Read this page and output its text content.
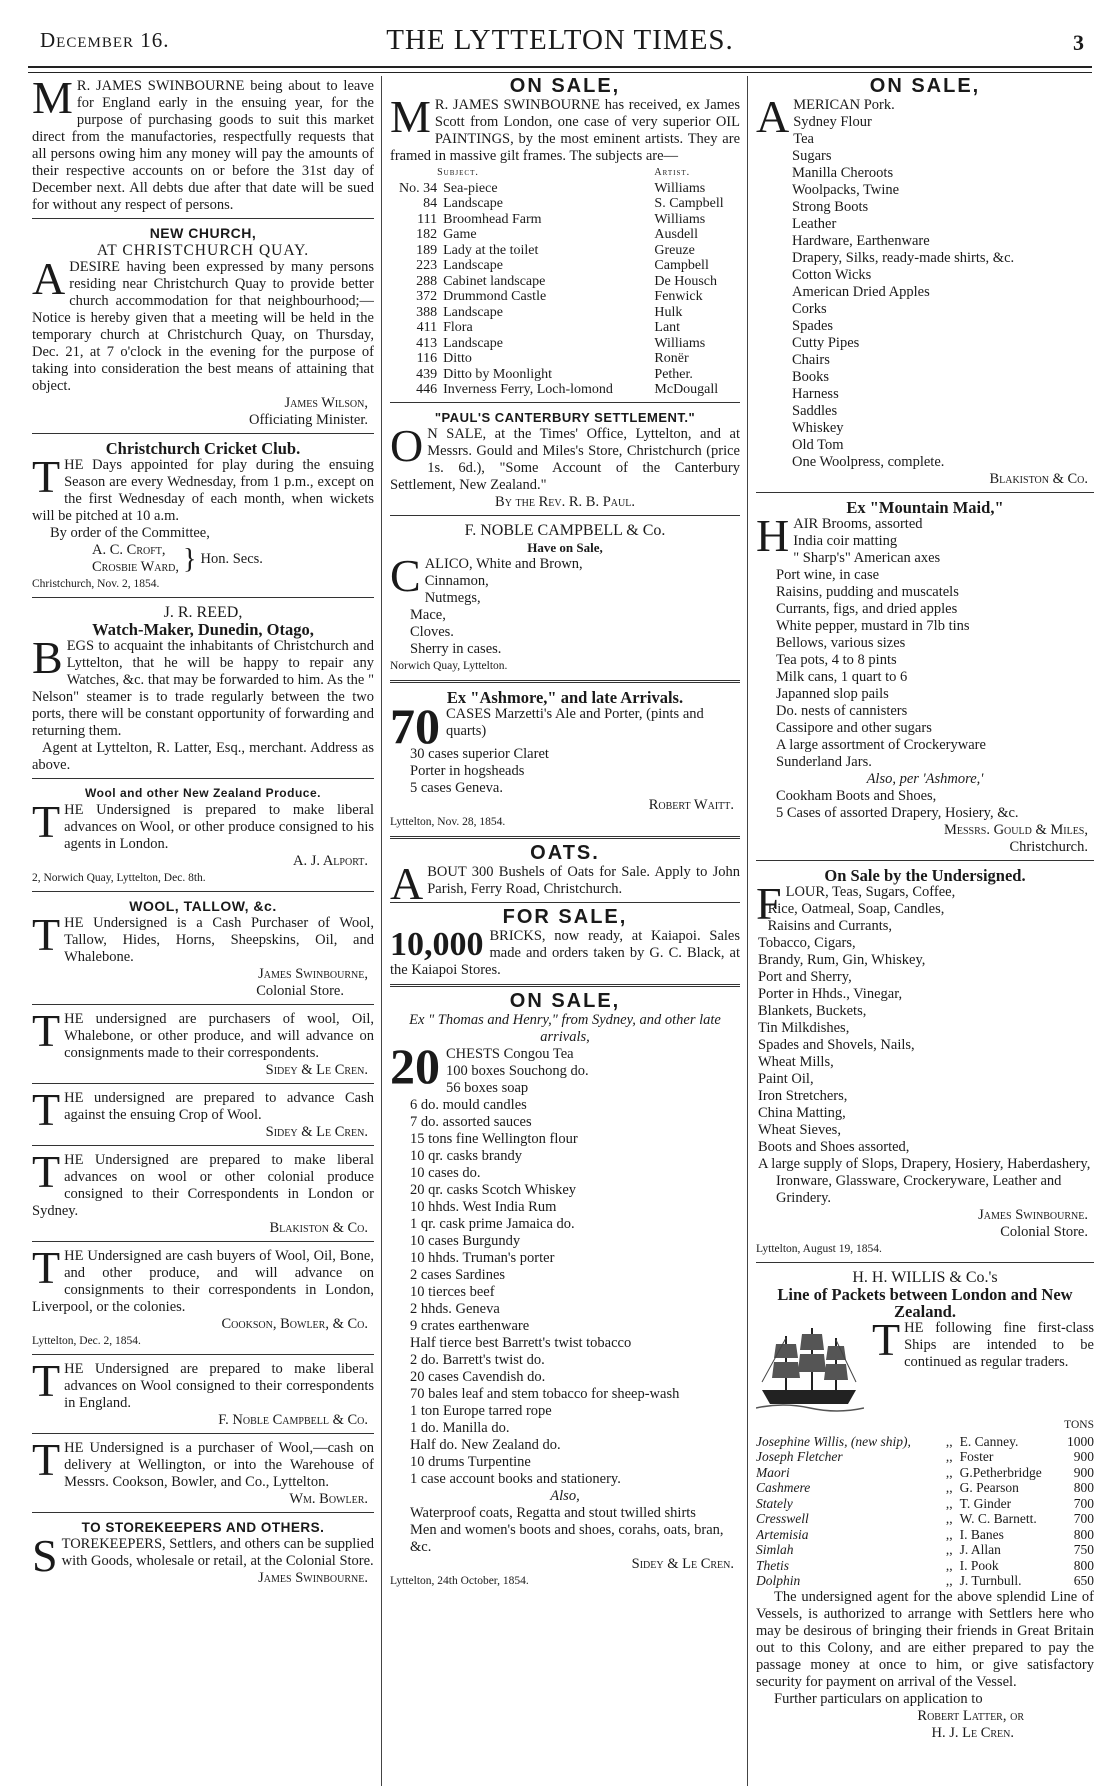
December 16.	THE LYTTELTON TIMES.	3
M R. JAMES SWINBOURNE being about to leave for England early in the ensuing year, for the purpose of purchasing goods to suit this market direct from the manufactories, respectfully requests that all persons owing him any money will pay the amounts of their respective accounts on or before the 31st day of December next. All debts due after that date will be sued for without any respect of persons.

NEW CHURCH,

AT CHRISTCHURCH QUAY.

A DESIRE having been expressed by many persons residing near Christchurch Quay to provide better church accommodation for that neighbourhood;—Notice is hereby given that a meeting will be held in the temporary church at Christchurch Quay, on Thursday, Dec. 21, at 7 o'clock in the evening for the purpose of taking into consideration the best means of attaining that object.

James Wilson,

Officiating Minister.

Christchurch Cricket Club.

T HE Days appointed for play during the ensuing Season are every Wednesday, from 1 p.m., except on the first Wednesday of each month, when wickets will be pitched at 10 a.m.

By order of the Committee,

A. C. Croft,

Crosbie Ward, } Hon. Secs.

Christchurch, Nov. 2, 1854.

J. R. REED,

Watch-Maker, Dunedin, Otago,

B EGS to acquaint the inhabitants of Christchurch and Lyttelton, that he will be happy to repair any Watches, &c. that may be forwarded to him. As the " Nelson" steamer is to trade regularly between the two ports, there will be constant opportunity of forwarding and returning them.

Agent at Lyttelton, R. Latter, Esq., merchant. Address as above.

Wool and other New Zealand Produce.

T HE Undersigned is prepared to make liberal advances on Wool, or other produce consigned to his agents in London.

A. J. Alport.

2, Norwich Quay, Lyttelton, Dec. 8th.

WOOL, TALLOW, &c.

T HE Undersigned is a Cash Purchaser of Wool, Tallow, Hides, Horns, Sheepskins, Oil, and Whalebone.

James Swinbourne,

Colonial Store.

T HE undersigned are purchasers of wool, Oil, Whalebone, or other produce, and will advance on consignments made to their correspondents.

Sidey & Le Cren.

T HE undersigned are prepared to advance Cash against the ensuing Crop of Wool.

Sidey & Le Cren.

T HE Undersigned are prepared to make liberal advances on wool or other colonial produce consigned to their Correspondents in London or Sydney.

Blakiston & Co.

T HE Undersigned are cash buyers of Wool, Oil, Bone, and other produce, and will advance on consignments to their correspondents in London, Liverpool, or the colonies.

Cookson, Bowler, & Co.

Lyttelton, Dec. 2, 1854.

T HE Undersigned are prepared to make liberal advances on Wool consigned to their correspondents in England.

F. Noble Campbell & Co.

T HE Undersigned is a purchaser of Wool,—cash on delivery at Wellington, or into the Warehouse of Messrs. Cookson, Bowler, and Co., Lyttelton.

Wm. Bowler.

TO STOREKEEPERS AND OTHERS.

S TOREKEEPERS, Settlers, and others can be supplied with Goods, wholesale or retail, at the Colonial Store.

James Swinbourne.

ON SALE,

M R. JAMES SWINBOURNE has received, ex James Scott from London, one case of very superior OIL PAINTINGS, by the most eminent artists. They are framed in massive gilt frames. The subjects are—

	Subject.	Artist.
No. 34	Sea-piece	Williams
84	Landscape	S. Campbell
111	Broomhead Farm	Williams
182	Game	Ausdell
189	Lady at the toilet	Greuze
223	Landscape	Campbell
288	Cabinet landscape	De Housch
372	Drummond Castle	Fenwick
388	Landscape	Hulk
411	Flora	Lant
413	Landscape	Williams
116	Ditto	Ronër
439	Ditto by Moonlight	Pether.
446	Inverness Ferry, Loch-lomond	McDougall

"PAUL'S CANTERBURY SETTLEMENT."

O N SALE, at the Times' Office, Lyttelton, and at Messrs. Gould and Miles's Store, Christchurch (price 1s. 6d.), "Some Account of the Canterbury Settlement, New Zealand."

By the Rev. R. B. Paul.

F. NOBLE CAMPBELL & Co.

Have on Sale,

C ALICO, White and Brown,

Cinnamon,

Nutmegs,

Mace,

Cloves.

Sherry in cases.

Norwich Quay, Lyttelton.

Ex "Ashmore," and late Arrivals.

70 CASES Marzetti's Ale and Porter, (pints and quarts)

30 cases superior Claret

Porter in hogsheads

5 cases Geneva.

Robert Waitt.

Lyttelton, Nov. 28, 1854.

OATS.

A BOUT 300 Bushels of Oats for Sale. Apply to John Parish, Ferry Road, Christchurch.

FOR SALE,

10,000 BRICKS, now ready, at Kaiapoi. Sales made and orders taken by G. C. Black, at the Kaiapoi Stores.

ON SALE,

Ex " Thomas and Henry," from Sydney, and other late arrivals,

20 CHESTS Congou Tea

100 boxes Souchong do.

56 boxes soap

6 do. mould candles

7 do. assorted sauces

15 tons fine Wellington flour

10 qr. casks brandy

10 cases do.

20 qr. casks Scotch Whiskey

10 hhds. West India Rum

1 qr. cask prime Jamaica do.

10 cases Burgundy

10 hhds. Truman's porter

2 cases Sardines

10 tierces beef

2 hhds. Geneva

9 crates earthenware

Half tierce best Barrett's twist tobacco

2 do. Barrett's twist do.

20 cases Cavendish do.

70 bales leaf and stem tobacco for sheep-wash

1 ton Europe tarred rope

1 do. Manilla do.

Half do. New Zealand do.

10 drums Turpentine

1 case account books and stationery.

Also,

Waterproof coats, Regatta and stout twilled shirts

Men and women's boots and shoes, corahs, oats, bran, &c.

Sidey & Le Cren.

Lyttelton, 24th October, 1854.

ON SALE,

A MERICAN Pork.

Sydney Flour

Tea

Sugars

Manilla Cheroots

Woolpacks, Twine

Strong Boots

Leather

Hardware, Earthenware

Drapery, Silks, ready-made shirts, &c.

Cotton Wicks

American Dried Apples

Corks

Spades

Cutty Pipes

Chairs

Books

Harness

Saddles

Whiskey

Old Tom

One Woolpress, complete.

Blakiston & Co.

Ex "Mountain Maid,"

H AIR Brooms, assorted

India coir matting

" Sharp's" American axes

Port wine, in case

Raisins, pudding and muscatels

Currants, figs, and dried apples

White pepper, mustard in 7lb tins

Bellows, various sizes

Tea pots, 4 to 8 pints

Milk cans, 1 quart to 6

Japanned slop pails

Do. nests of cannisters

Cassipore and other sugars

A large assortment of Crockeryware

Sunderland Jars.

Also, per 'Ashmore,'

Cookham Boots and Shoes,

5 Cases of assorted Drapery, Hosiery, &c.

Messrs. Gould & Miles,

Christchurch.

On Sale by the Undersigned.

F LOUR, Teas, Sugars, Coffee,

Rice, Oatmeal, Soap, Candles,

Raisins and Currants,

Tobacco, Cigars,

Brandy, Rum, Gin, Whiskey,

Port and Sherry,

Porter in Hhds., Vinegar,

Blankets, Buckets,

Tin Milkdishes,

Spades and Shovels, Nails,

Wheat Mills,

Paint Oil,

Iron Stretchers,

China Matting,

Wheat Sieves,

Boots and Shoes assorted,

A large supply of Slops, Drapery, Hosiery, Haberdashery, Ironware, Glassware, Crockeryware, Leather and Grindery.

James Swinbourne.

Colonial Store.

Lyttelton, August 19, 1854.

H. H. WILLIS & Co.'s

Line of Packets between London and New Zealand.

T HE following fine first-class Ships are intended to be continued as regular traders.

			TONS
Josephine Willis, (new ship),	,,	E. Canney.	1000
Joseph Fletcher	,,	Foster	900
Maori	,,	G.Petherbridge	900
Cashmere	,,	G. Pearson	800
Stately	,,	T. Ginder	700
Cresswell	,,	W. C. Barnett.	700
Artemisia	,,	I. Banes	800
Simlah	,,	J. Allan	750
Thetis	,,	I. Pook	800
Dolphin	,,	J. Turnbull.	650

The undersigned agent for the above splendid Line of Vessels, is authorized to arrange with Settlers here who may be desirous of bringing their friends in Great Britain out to this Colony, and are either prepared to pay the passage money at once to him, or give satisfactory security for payment on arrival of the Vessel.

Further particulars on application to

Robert Latter, or

H. J. Le Cren.
